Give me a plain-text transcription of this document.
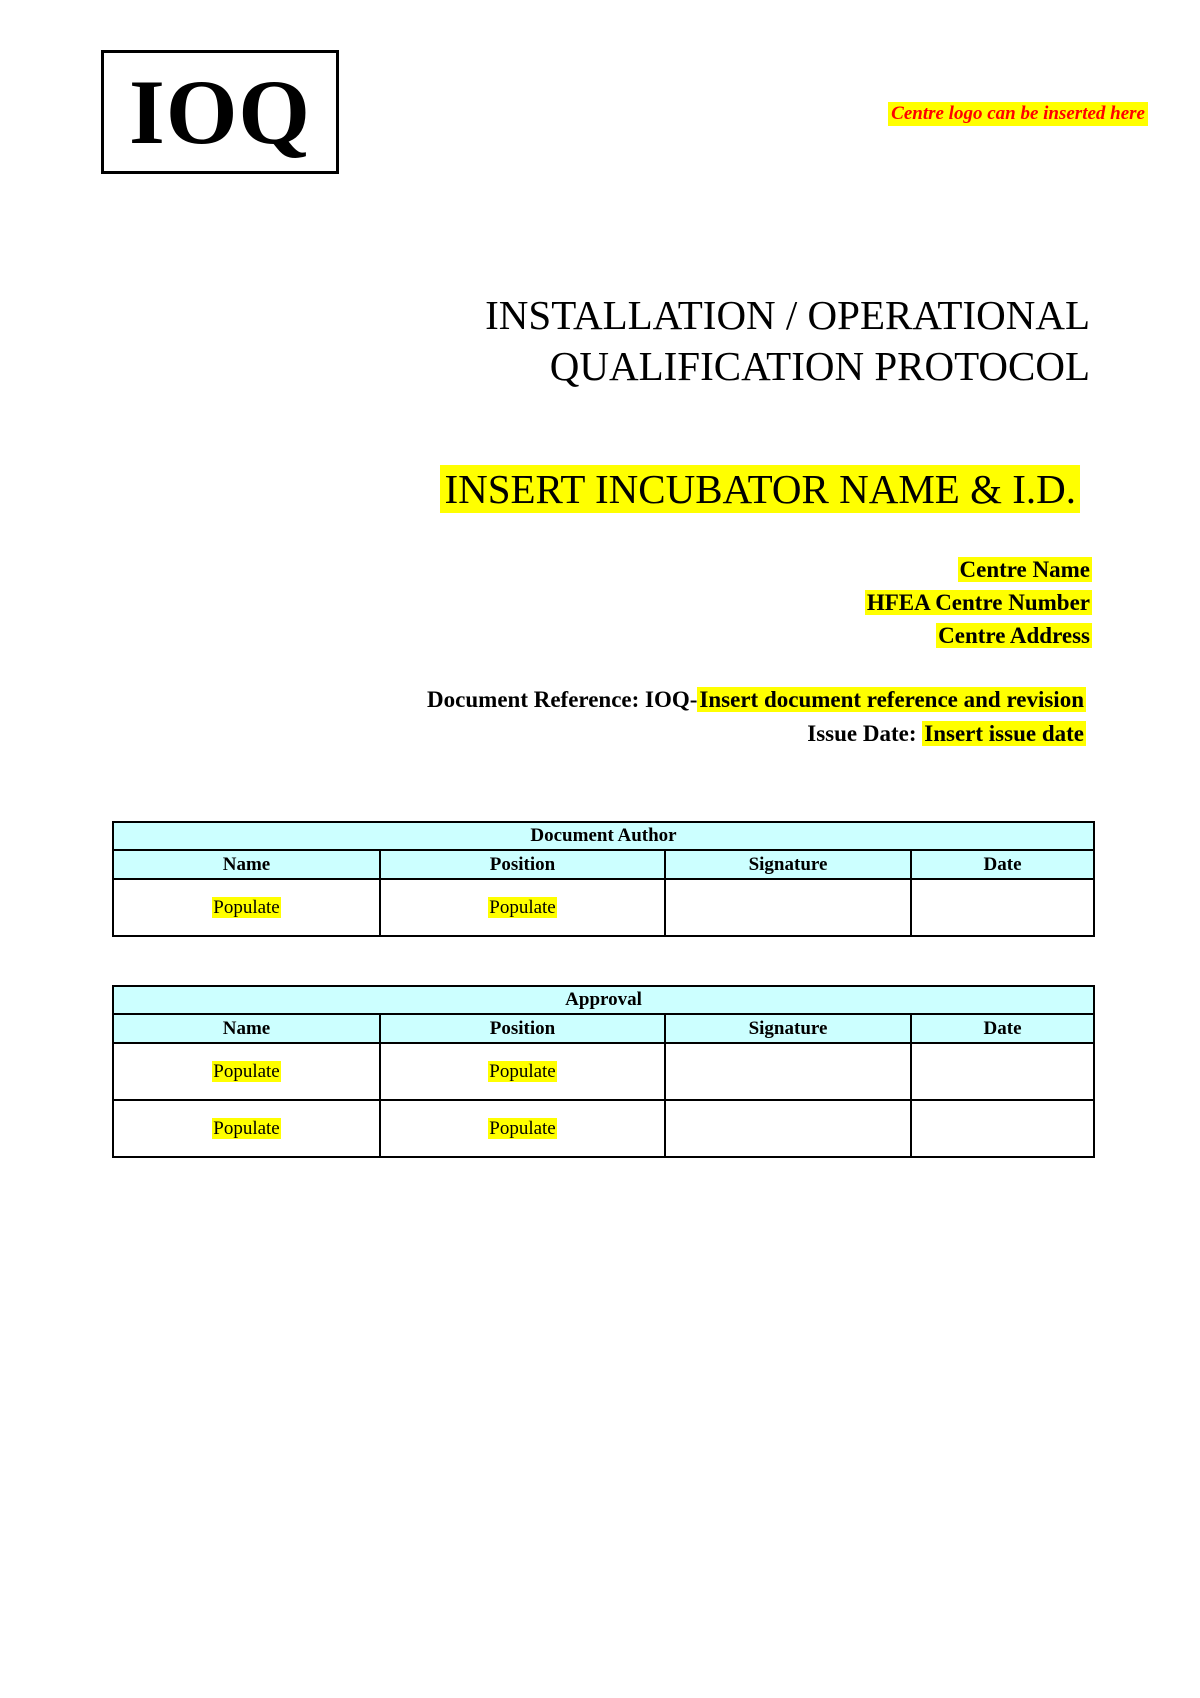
IOQ	Centre logo can be inserted here
INSTALLATION / OPERATIONAL
QUALIFICATION PROTOCOL
INSERT INCUBATOR NAME & I.D.
Centre Name
HFEA Centre Number
Centre Address
Document Reference: IOQ-Insert document reference and revision
Issue Date: Insert issue date
Document Author			
Name	Position	Signature	Date
Populate	Populate		
Approval			
Name	Position	Signature	Date
Populate	Populate		
Populate	Populate		
